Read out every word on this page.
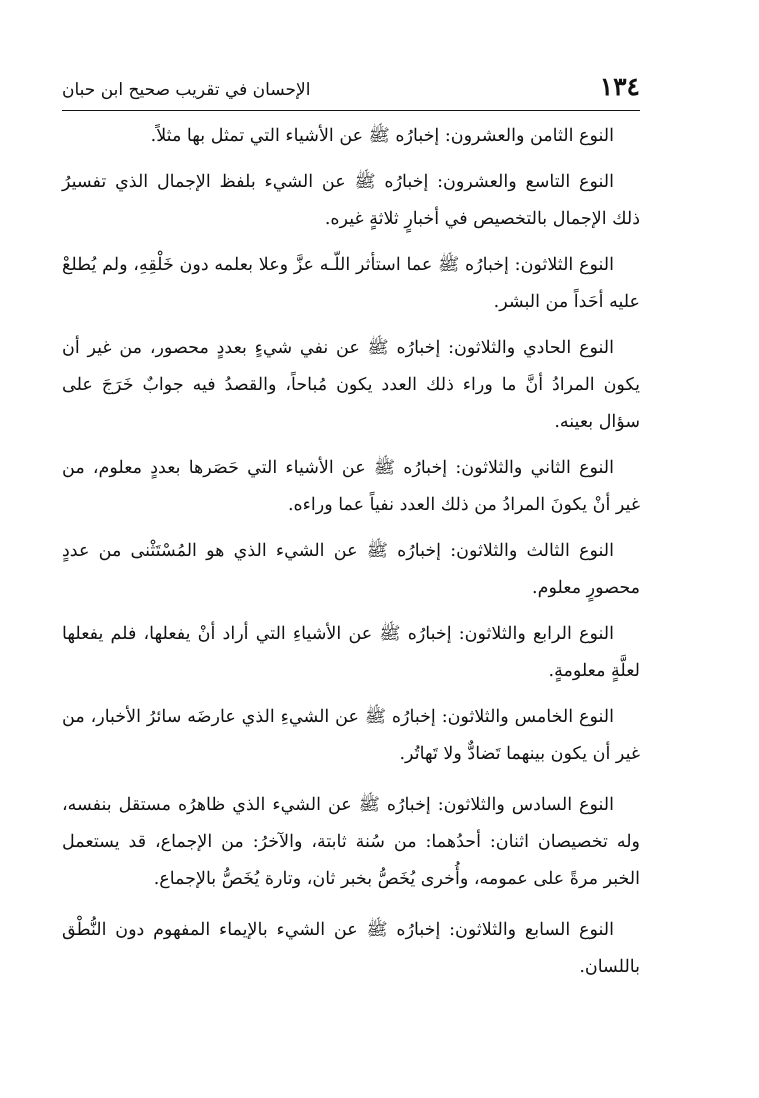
١٣٤
الإحسان في تقريب صحيح ابن حبان

النوع الثامن والعشرون: إخبارُه ﷺ عن الأشياء التي تمثل بها مثلاً.

النوع التاسع والعشرون: إخبارُه ﷺ عن الشيء بلفظ الإجمال الذي تفسيرُ ذلك الإجمال بالتخصيص في أخبارٍ ثلاثةٍ غيره.

النوع الثلاثون: إخبارُه ﷺ عما استأثر اللّـه عزَّ وعلا بعلمه دون خَلْقِهِ، ولم يُطلعْ عليه أحَداً من البشر.

النوع الحادي والثلاثون: إخبارُه ﷺ عن نفي شيءٍ بعددٍ محصور، من غير أن يكون المرادُ أنَّ ما وراء ذلك العدد يكون مُباحاً، والقصدُ فيه جوابٌ خَرَجَ على سؤال بعينه.

النوع الثاني والثلاثون: إخبارُه ﷺ عن الأشياء التي حَصَرها بعددٍ معلوم، من غير أنْ يكونَ المرادُ من ذلك العدد نفياً عما وراءه.

النوع الثالث والثلاثون: إخبارُه ﷺ عن الشيء الذي هو المُسْتَثْنى من عددٍ محصورٍ معلوم.

النوع الرابع والثلاثون: إخبارُه ﷺ عن الأشياءِ التي أراد أنْ يفعلها، فلم يفعلها لعلَّةٍ معلومةٍ.

النوع الخامس والثلاثون: إخبارُه ﷺ عن الشيءِ الذي عارضَه سائرُ الأخبار، من غير أن يكون بينهما تَضادٌّ ولا تَهاتُر.

النوع السادس والثلاثون: إخبارُه ﷺ عن الشيء الذي ظاهرُه مستقل بنفسه، وله تخصيصان اثنان: أحدُهما: من سُنة ثابتة، والآخرُ: من الإجماع، قد يستعمل الخبر مرةً على عمومه، وأُخرى يُخَصُّ بخبر ثان، وتارة يُخَصُّ بالإجماع.

النوع السابع والثلاثون: إخبارُه ﷺ عن الشيء بالإيماء المفهوم دون النُّطْق باللسان.
